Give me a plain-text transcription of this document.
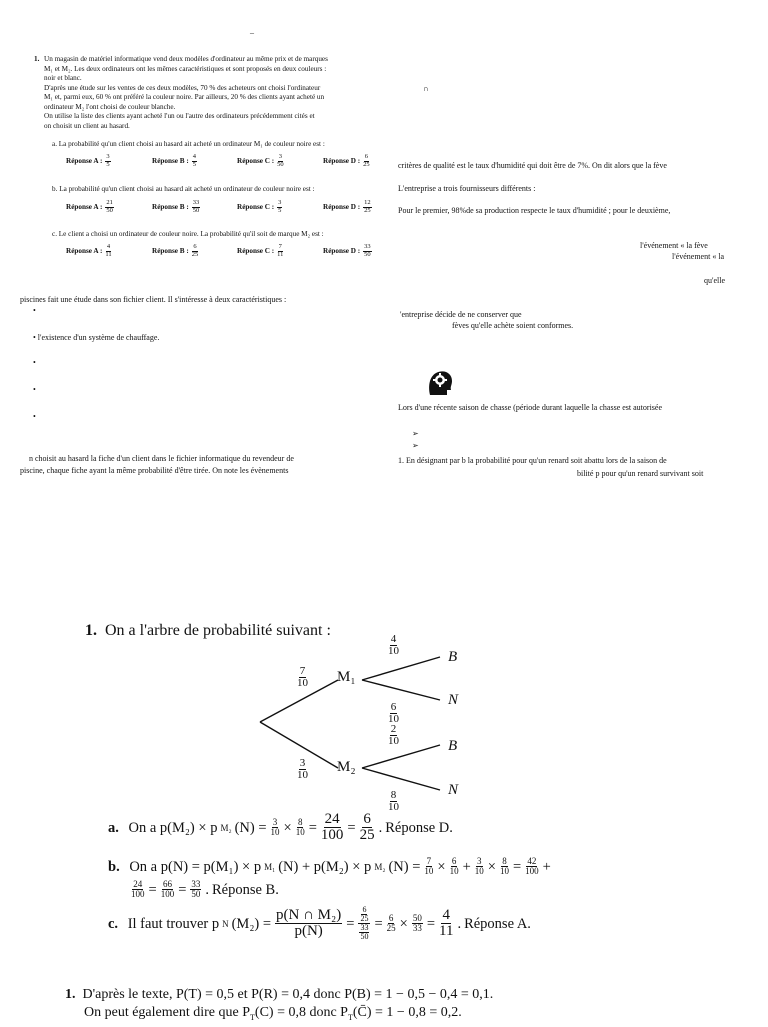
_
1. Un magasin de matériel informatique vend deux modèles d'ordinateur au même prix et de marques
M₁ et M₂. Les deux ordinateurs ont les mêmes caractéristiques et sont proposés en deux couleurs :
noir et blanc.
D'après une étude sur les ventes de ces deux modèles, 70 % des acheteurs ont choisi l'ordinateur
M₁ et, parmi eux, 60 % ont préféré la couleur noire. Par ailleurs, 20 % des clients ayant acheté un
ordinateur M₂ l'ont choisi de couleur blanche.
On utilise la liste des clients ayant acheté l'un ou l'autre des ordinateurs précédemment cités et
on choisit un client au hasard.
a. La probabilité qu'un client choisi au hasard ait acheté un ordinateur M₁ de couleur noire est :
Réponse A : $\frac{3}{5}$	Réponse B : $\frac{4}{5}$	Réponse C : $\frac{3}{50}$	Réponse D : $\frac{6}{25}$
b. La probabilité qu'un client choisi au hasard ait acheté un ordinateur de couleur noire est :
Réponse A : $\frac{21}{50}$	Réponse B : $\frac{33}{50}$	Réponse C : $\frac{3}{5}$	Réponse D : $\frac{12}{25}$
c. Le client a choisi un ordinateur de couleur noire. La probabilité qu'il soit de marque M₂ est :
Réponse A : $\frac{4}{11}$	Réponse B : $\frac{6}{25}$	Réponse C : $\frac{7}{11}$	Réponse D : $\frac{33}{50}$
∩
critères de qualité est le taux d'humidité qui doit être de 7%. On dit alors que la fève
L'entreprise a trois fournisseurs différents :
Pour le premier, 98%de sa production respecte le taux d'humidité ; pour le deuxième,
l'événement « la fève
l'événement « la
qu'elle
'entreprise décide de ne conserver que
fèves qu'elle achète soient conformes.
Lors d'une récente saison de chasse (période durant laquelle la chasse est autorisée
➢
➢
1. En désignant par b la probabilité pour qu'un renard soit abattu lors de la saison de
bilité p pour qu'un renard survivant soit
piscines fait une étude dans son fichier client. Il s'intéresse à deux caractéristiques :
•
• l'existence d'un système de chauffage.
•
•
•
n choisit au hasard la fiche d'un client dans le fichier informatique du revendeur de
piscine, chaque fiche ayant la même probabilité d'être tirée. On note les évènements
1. On a l'arbre de probabilité suivant :
M₁
M₂
B
N
B
N
$\frac{7}{10}$
$\frac{3}{10}$
$\frac{4}{10}$
$\frac{6}{10}$
$\frac{2}{10}$
$\frac{8}{10}$
a.
On a p(M₂) × p M₂ $(N) = \frac{3}{10} \times \frac{8}{10} = \frac{24}{100} = \frac{6}{25}$ . Réponse D.
b.
On a p(N) = p(M₁) × p M₁ (N) + p(M₂) × p M₂ $(N) = \frac{7}{10} \times \frac{6}{10} + \frac{3}{10} \times \frac{8}{10} = \frac{42}{100}$ +
$\frac{24}{100} = \frac{66}{100} = \frac{33}{50}$ . Réponse B.
c.
Il faut trouver p N $(M_2) = \frac{\text{p(N ∩ M₂)}}{p(N)} = \frac{\frac{6}{25}}{\frac{33}{50}} = \frac{6}{25} \times \frac{50}{33} = \frac{4}{11}$ . Réponse A.
1. D'après le texte, P(T) = 0,5 et P(R) = 0,4 donc P(B) = 1 − 0,5 − 0,4 = 0,1.
On peut également dire que $P_T(C) = 0,8$ donc $P_T(C̄) = 1 - 0,8 = 0,2$.
